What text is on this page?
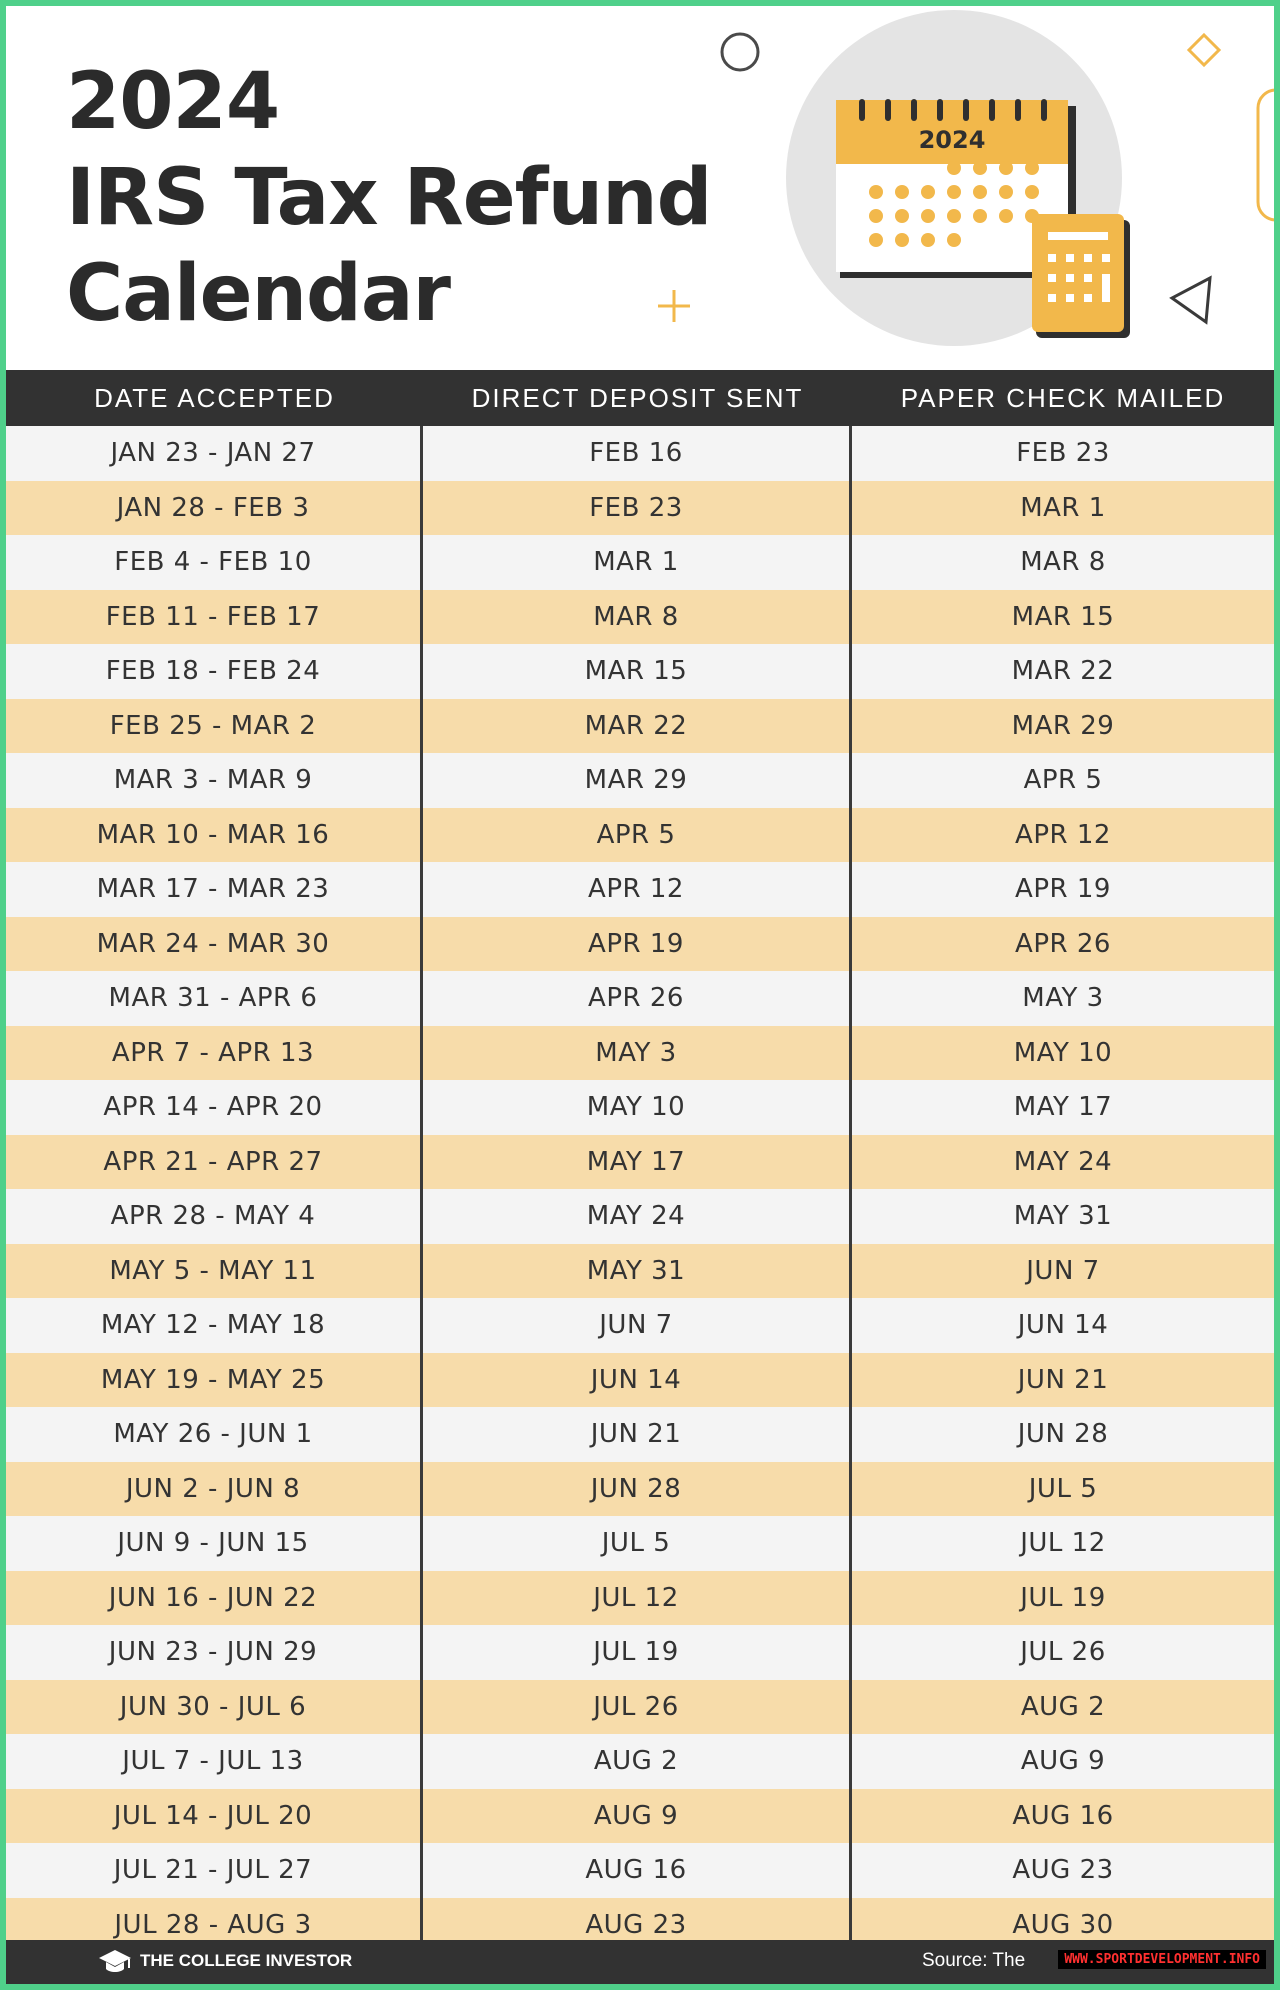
2024
IRS Tax Refund
Calendar
2024
DATE ACCEPTED	DIRECT DEPOSIT SENT	PAPER CHECK MAILED
JAN 23 - JAN 27	FEB 16	FEB 23
JAN 28 - FEB 3	FEB 23	MAR 1
FEB 4 - FEB 10	MAR 1	MAR 8
FEB 11 - FEB 17	MAR 8	MAR 15
FEB 18 - FEB 24	MAR 15	MAR 22
FEB 25 - MAR 2	MAR 22	MAR 29
MAR 3 - MAR 9	MAR 29	APR 5
MAR 10 - MAR 16	APR 5	APR 12
MAR 17 - MAR 23	APR 12	APR 19
MAR 24 - MAR 30	APR 19	APR 26
MAR 31 - APR 6	APR 26	MAY 3
APR 7 - APR 13	MAY 3	MAY 10
APR 14 - APR 20	MAY 10	MAY 17
APR 21 - APR 27	MAY 17	MAY 24
APR 28 - MAY 4	MAY 24	MAY 31
MAY 5 - MAY 11	MAY 31	JUN 7
MAY 12 - MAY 18	JUN 7	JUN 14
MAY 19 - MAY 25	JUN 14	JUN 21
MAY 26 - JUN 1	JUN 21	JUN 28
JUN 2 - JUN 8	JUN 28	JUL 5
JUN 9 - JUN 15	JUL 5	JUL 12
JUN 16 - JUN 22	JUL 12	JUL 19
JUN 23 - JUN 29	JUL 19	JUL 26
JUN 30 - JUL 6	JUL 26	AUG 2
JUL 7 - JUL 13	AUG 2	AUG 9
JUL 14 - JUL 20	AUG 9	AUG 16
JUL 21 - JUL 27	AUG 16	AUG 23
JUL 28 - AUG 3	AUG 23	AUG 30
THE COLLEGE INVESTOR	Source: The	WWW.SPORTDEVELOPMENT.INFO
